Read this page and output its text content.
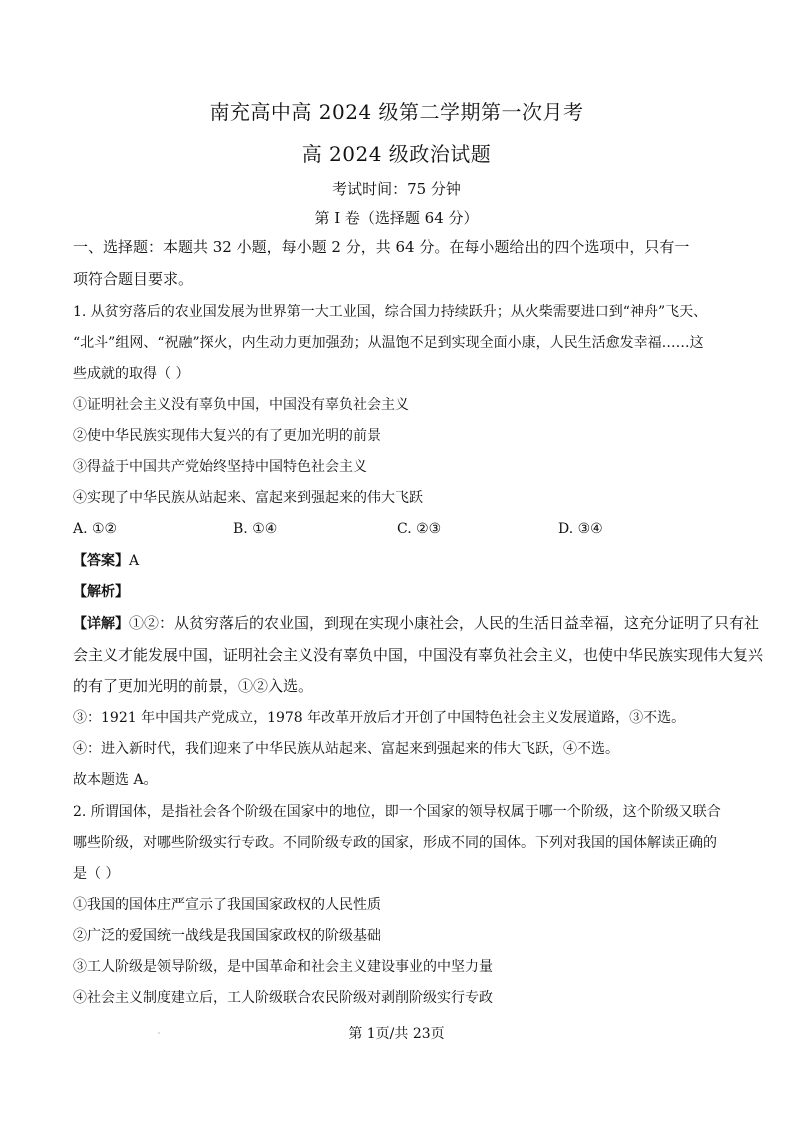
南充高中高 2024 级第二学期第一次月考
高 2024 级政治试题
考试时间：75 分钟
第 I 卷（选择题 64 分）
一、选择题：本题共 32 小题，每小题 2 分，共 64 分。在每小题给出的四个选项中，只有一
项符合题目要求。
1. 从贫穷落后的农业国发展为世界第一大工业国，综合国力持续跃升；从火柴需要进口到“神舟”飞天、
“北斗”组网、“祝融”探火，内生动力更加强劲；从温饱不足到实现全面小康，人民生活愈发幸福……这
些成就的取得（ ）
①证明社会主义没有辜负中国，中国没有辜负社会主义
②使中华民族实现伟大复兴的有了更加光明的前景
③得益于中国共产党始终坚持中国特色社会主义
④实现了中华民族从站起来、富起来到强起来的伟大飞跃
A. ①②	B. ①④	C. ②③	D. ③④
【答案】A
【解析】
【详解】①②：从贫穷落后的农业国，到现在实现小康社会，人民的生活日益幸福，这充分证明了只有社
会主义才能发展中国，证明社会主义没有辜负中国，中国没有辜负社会主义，也使中华民族实现伟大复兴
的有了更加光明的前景，①②入选。
③：1921 年中国共产党成立，1978 年改革开放后才开创了中国特色社会主义发展道路，③不选。
④：进入新时代，我们迎来了中华民族从站起来、富起来到强起来的伟大飞跃，④不选。
故本题选 A。
2. 所谓国体，是指社会各个阶级在国家中的地位，即一个国家的领导权属于哪一个阶级，这个阶级又联合
哪些阶级，对哪些阶级实行专政。不同阶级专政的国家，形成不同的国体。下列对我国的国体解读正确的
是（ ）
①我国的国体庄严宣示了我国国家政权的人民性质
②广泛的爱国统一战线是我国国家政权的阶级基础
③工人阶级是领导阶级，是中国革命和社会主义建设事业的中坚力量
④社会主义制度建立后，工人阶级联合农民阶级对剥削阶级实行专政
第 1页/共 23页
